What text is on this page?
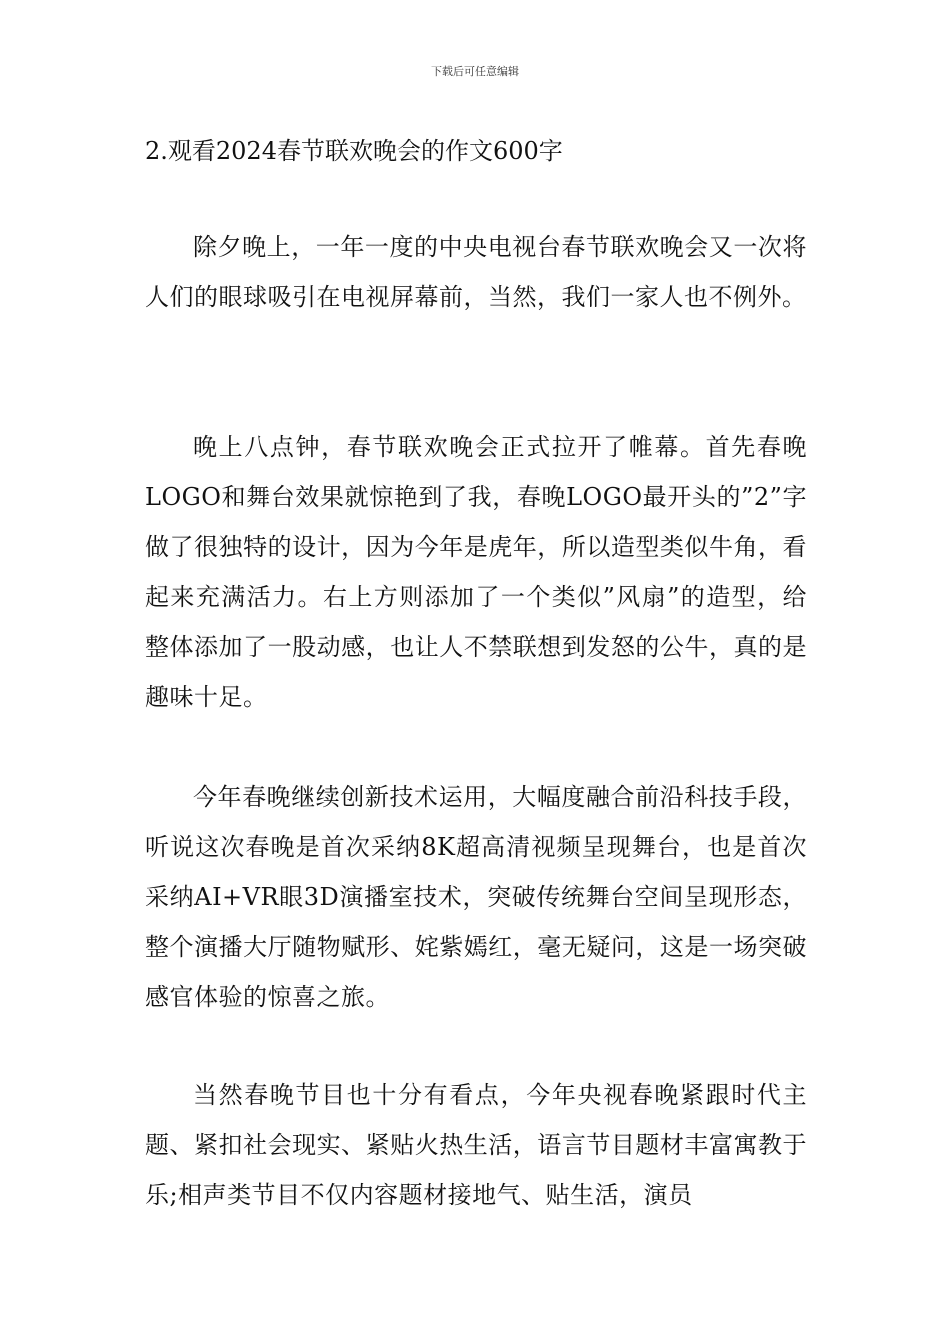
下载后可任意编辑
2.观看2024春节联欢晚会的作文600字

除夕晚上，一年一度的中央电视台春节联欢晚会又一次将人们的眼球吸引在电视屏幕前，当然，我们一家人也不例外。

晚上八点钟，春节联欢晚会正式拉开了帷幕。首先春晚LOGO和舞台效果就惊艳到了我，春晚LOGO最开头的”2”字做了很独特的设计，因为今年是虎年，所以造型类似牛角，看起来充满活力。右上方则添加了一个类似”风扇”的造型，给整体添加了一股动感，也让人不禁联想到发怒的公牛，真的是趣味十足。

今年春晚继续创新技术运用，大幅度融合前沿科技手段，听说这次春晚是首次采纳8K超高清视频呈现舞台，也是首次采纳AI+VR眼3D演播室技术，突破传统舞台空间呈现形态，整个演播大厅随物赋形、姹紫嫣红，毫无疑问，这是一场突破感官体验的惊喜之旅。

当然春晚节目也十分有看点，今年央视春晚紧跟时代主题、紧扣社会现实、紧贴火热生活，语言节目题材丰富寓教于乐;相声类节目不仅内容题材接地气、贴生活，演员
